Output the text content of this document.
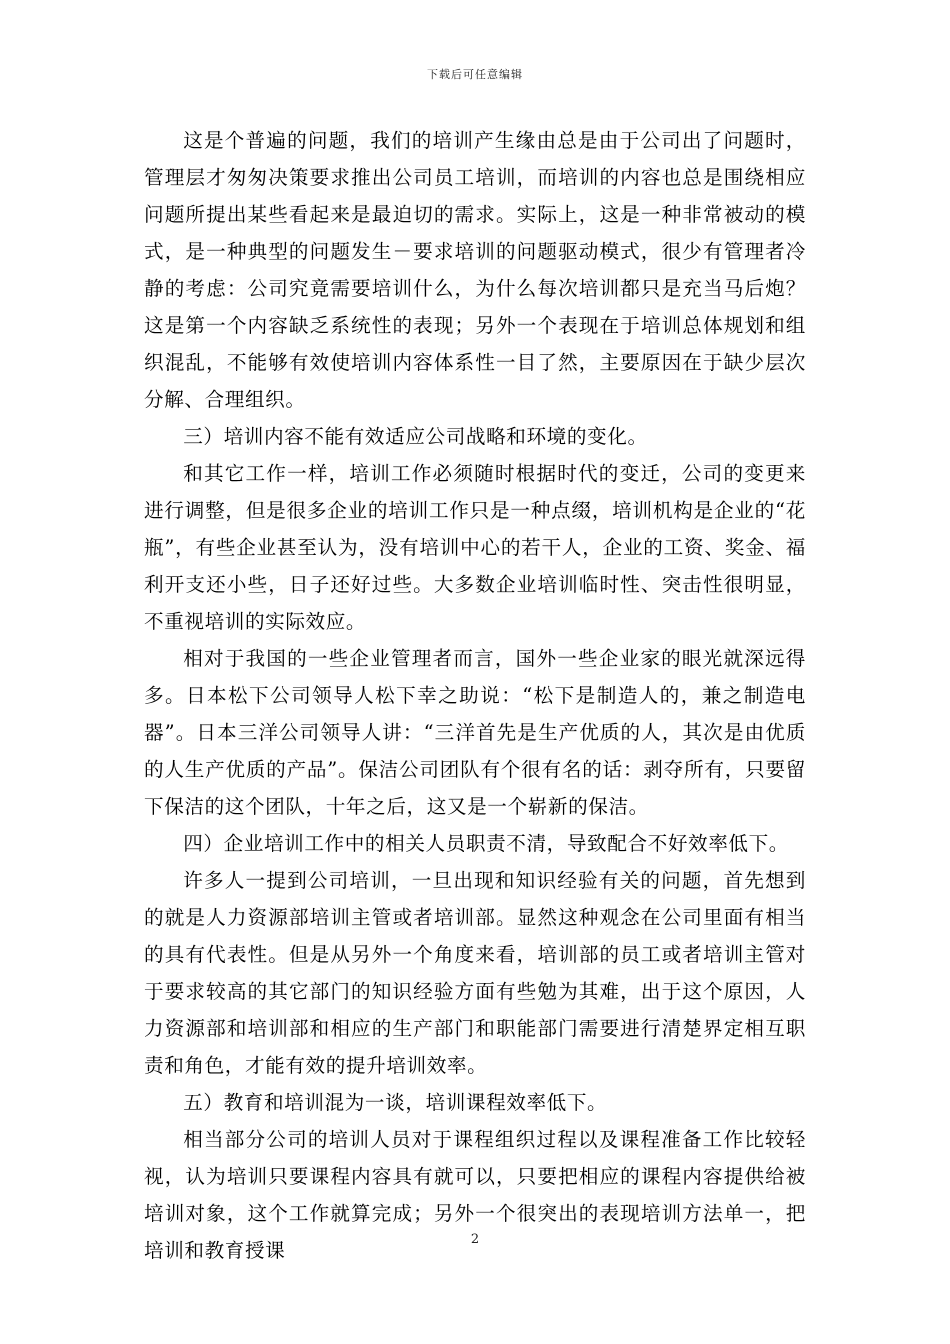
下载后可任意编辑

这是个普遍的问题，我们的培训产生缘由总是由于公司出了问题时，管理层才匆匆决策要求推出公司员工培训，而培训的内容也总是围绕相应问题所提出某些看起来是最迫切的需求。实际上，这是一种非常被动的模式，是一种典型的问题发生－要求培训的问题驱动模式，很少有管理者冷静的考虑：公司究竟需要培训什么，为什么每次培训都只是充当马后炮？这是第一个内容缺乏系统性的表现；另外一个表现在于培训总体规划和组织混乱，不能够有效使培训内容体系性一目了然，主要原因在于缺少层次分解、合理组织。

三）培训内容不能有效适应公司战略和环境的变化。

和其它工作一样，培训工作必须随时根据时代的变迁，公司的变更来进行调整，但是很多企业的培训工作只是一种点缀，培训机构是企业的“花瓶”，有些企业甚至认为，没有培训中心的若干人，企业的工资、奖金、福利开支还小些，日子还好过些。大多数企业培训临时性、突击性很明显，不重视培训的实际效应。

相对于我国的一些企业管理者而言，国外一些企业家的眼光就深远得多。日本松下公司领导人松下幸之助说：“松下是制造人的，兼之制造电器”。日本三洋公司领导人讲：“三洋首先是生产优质的人，其次是由优质的人生产优质的产品”。保洁公司团队有个很有名的话：剥夺所有，只要留下保洁的这个团队，十年之后，这又是一个崭新的保洁。

四）企业培训工作中的相关人员职责不清，导致配合不好效率低下。

许多人一提到公司培训，一旦出现和知识经验有关的问题，首先想到的就是人力资源部培训主管或者培训部。显然这种观念在公司里面有相当的具有代表性。但是从另外一个角度来看，培训部的员工或者培训主管对于要求较高的其它部门的知识经验方面有些勉为其难，出于这个原因，人力资源部和培训部和相应的生产部门和职能部门需要进行清楚界定相互职责和角色，才能有效的提升培训效率。

五）教育和培训混为一谈，培训课程效率低下。

相当部分公司的培训人员对于课程组织过程以及课程准备工作比较轻视，认为培训只要课程内容具有就可以，只要把相应的课程内容提供给被培训对象，这个工作就算完成；另外一个很突出的表现培训方法单一，把培训和教育授课	2
